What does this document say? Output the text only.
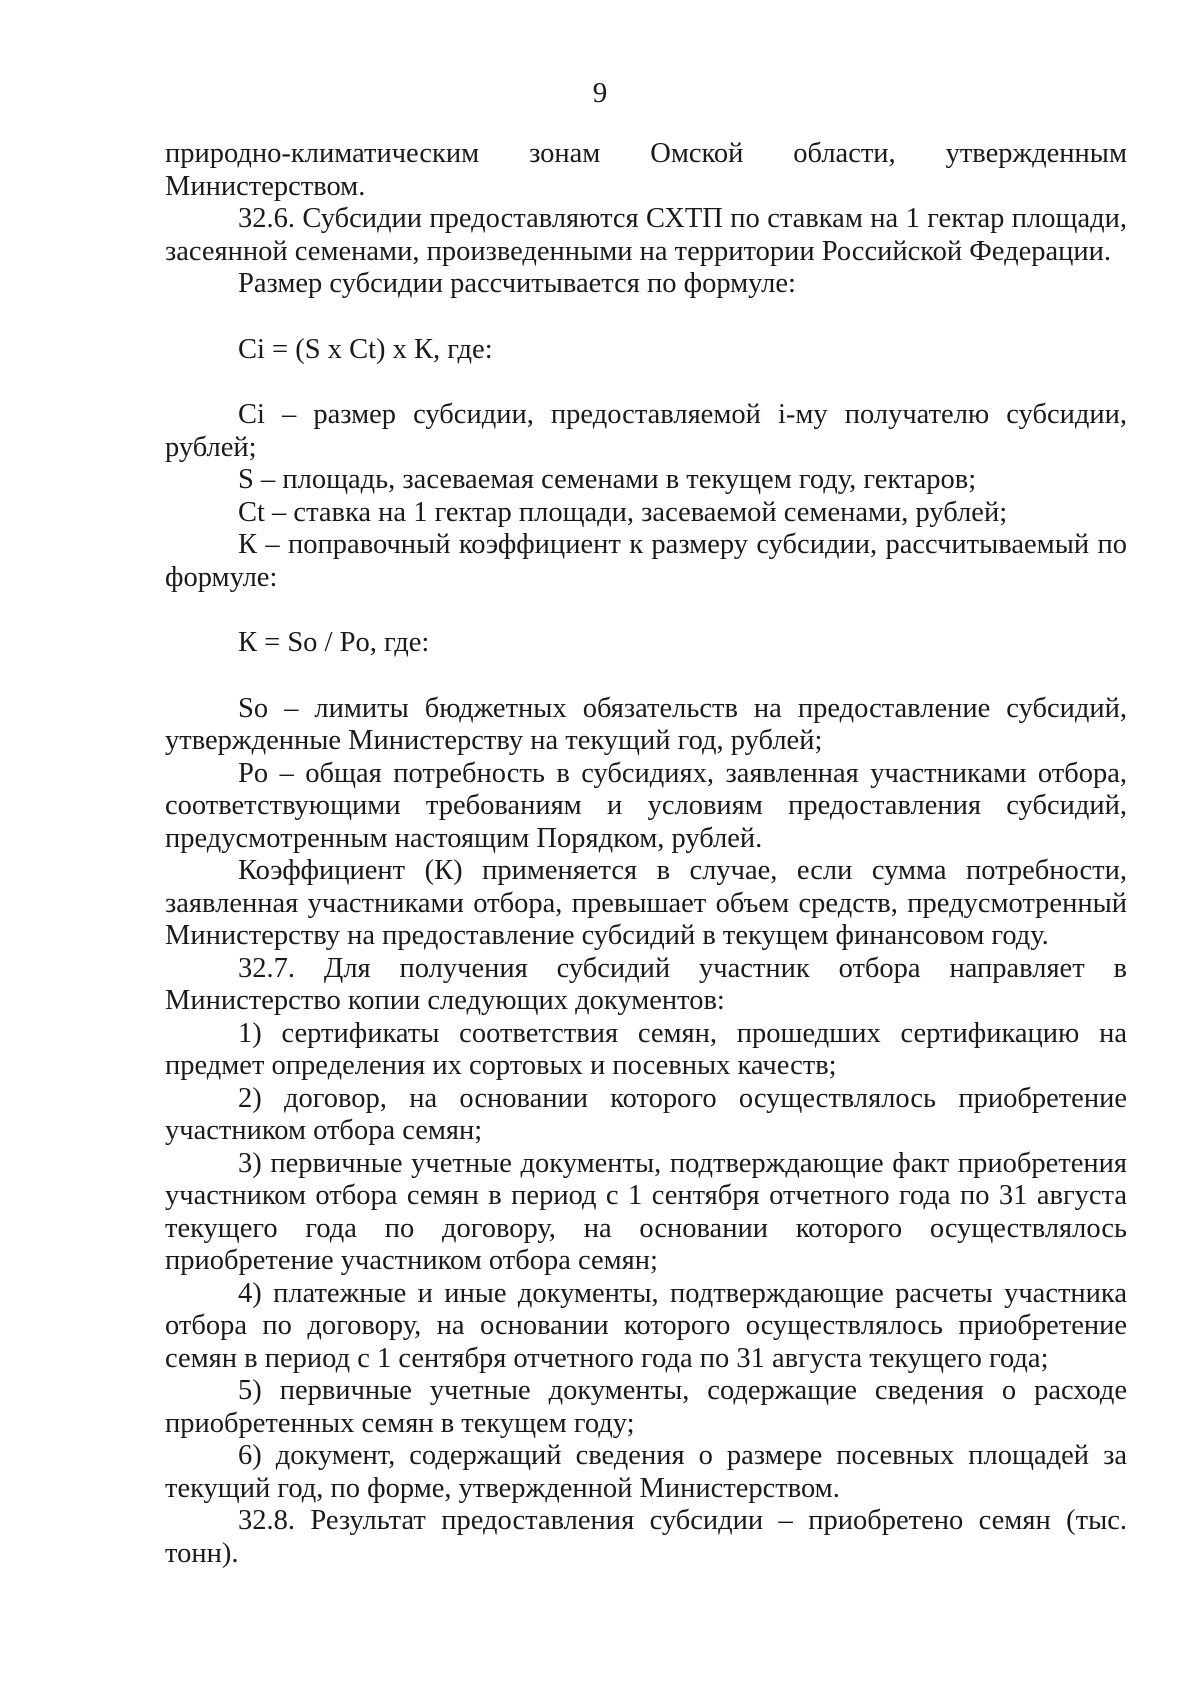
9

природно-климатическим зонам Омской области, утвержденным Министерством.

32.6. Субсидии предоставляются СХТП по ставкам на 1 гектар площади, засеянной семенами, произведенными на территории Российской Федерации.

Размер субсидии рассчитывается по формуле:

Ci = (S x Ct) x К, где:

Ci – размер субсидии, предоставляемой i-му получателю субсидии, рублей;

S – площадь, засеваемая семенами в текущем году, гектаров;

Ct – ставка на 1 гектар площади, засеваемой семенами, рублей;

К – поправочный коэффициент к размеру субсидии, рассчитываемый по формуле:

К = So / Po, где:

So – лимиты бюджетных обязательств на предоставление субсидий, утвержденные Министерству на текущий год, рублей;

Po – общая потребность в субсидиях, заявленная участниками отбора, соответствующими требованиям и условиям предоставления субсидий, предусмотренным настоящим Порядком, рублей.

Коэффициент (К) применяется в случае, если сумма потребности, заявленная участниками отбора, превышает объем средств, предусмотренный Министерству на предоставление субсидий в текущем финансовом году.

32.7. Для получения субсидий участник отбора направляет в Министерство копии следующих документов:

1) сертификаты соответствия семян, прошедших сертификацию на предмет определения их сортовых и посевных качеств;

2) договор, на основании которого осуществлялось приобретение участником отбора семян;

3) первичные учетные документы, подтверждающие факт приобретения участником отбора семян в период с 1 сентября отчетного года по 31 августа текущего года по договору, на основании которого осуществлялось приобретение участником отбора семян;

4) платежные и иные документы, подтверждающие расчеты участника отбора по договору, на основании которого осуществлялось приобретение семян в период с 1 сентября отчетного года по 31 августа текущего года;

5) первичные учетные документы, содержащие сведения о расходе приобретенных семян в текущем году;

6) документ, содержащий сведения о размере посевных площадей за текущий год, по форме, утвержденной Министерством.

32.8. Результат предоставления субсидии – приобретено семян (тыс. тонн).
